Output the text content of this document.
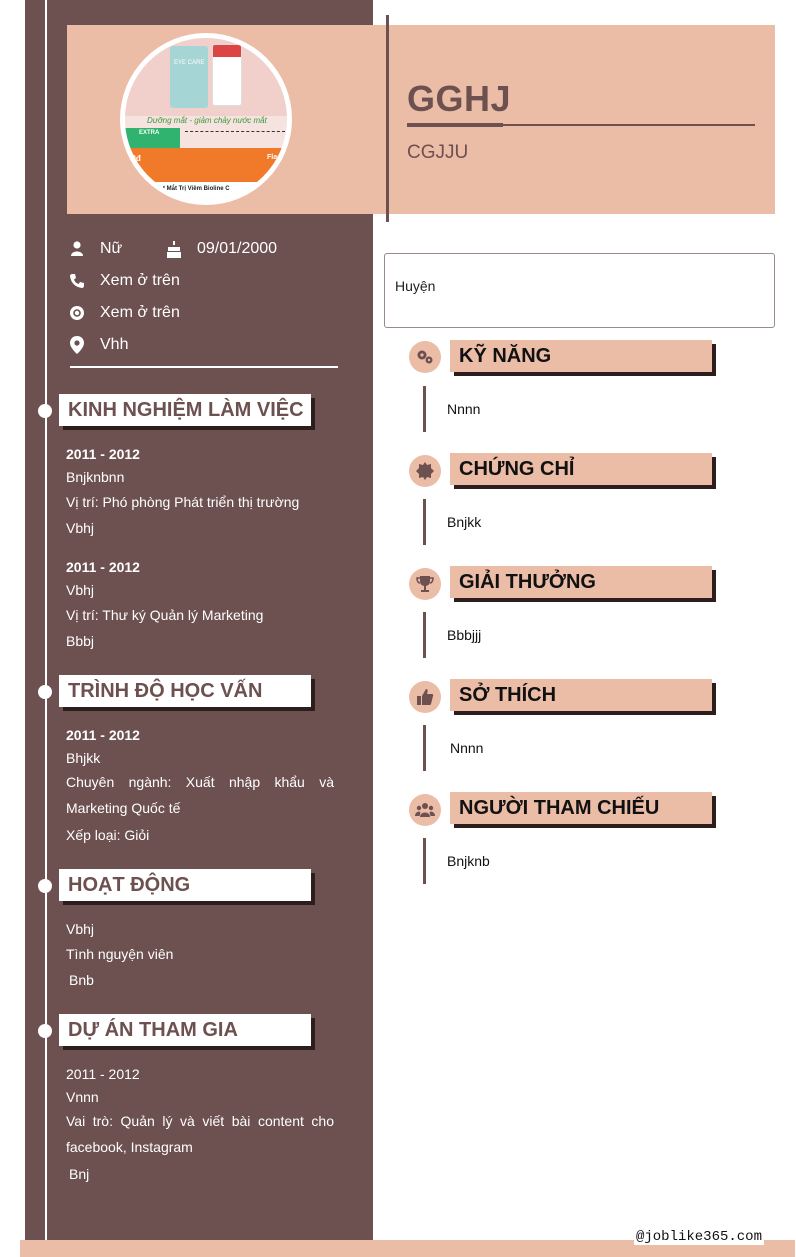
EYE CARE
Dưỡng mắt - giảm chảy nước mắt
EXTRA
00đ	Flas
t Mắt Trị Viêm Bioline C
GGHJ
CGJJU
Nữ	09/01/2000
Xem ở trên
Xem ở trên
Vhh
KINH NGHIỆM LÀM VIỆC
2011 - 2012
Bnjknbnn
Vị trí: Phó phòng Phát triển thị trường
Vbhj
2011 - 2012
Vbhj
Vị trí: Thư ký Quản lý Marketing
Bbbj
TRÌNH ĐỘ HỌC VẤN
2011 - 2012
Bhjkk
Chuyên ngành: Xuất nhập khẩu và Marketing Quốc tế
Xếp loại: Giỏi
HOẠT ĐỘNG
Vbhj
Tình nguyện viên
Bnb
DỰ ÁN THAM GIA
2011 - 2012
Vnnn
Vai trò: Quản lý và viết bài content cho facebook, Instagram
Bnj
Huyện
KỸ NĂNG
Nnnn
CHỨNG CHỈ
Bnjkk
GIẢI THƯỞNG
Bbbjjj
SỞ THÍCH
Nnnn
NGƯỜI THAM CHIẾU
Bnjknb
@joblike365.com
